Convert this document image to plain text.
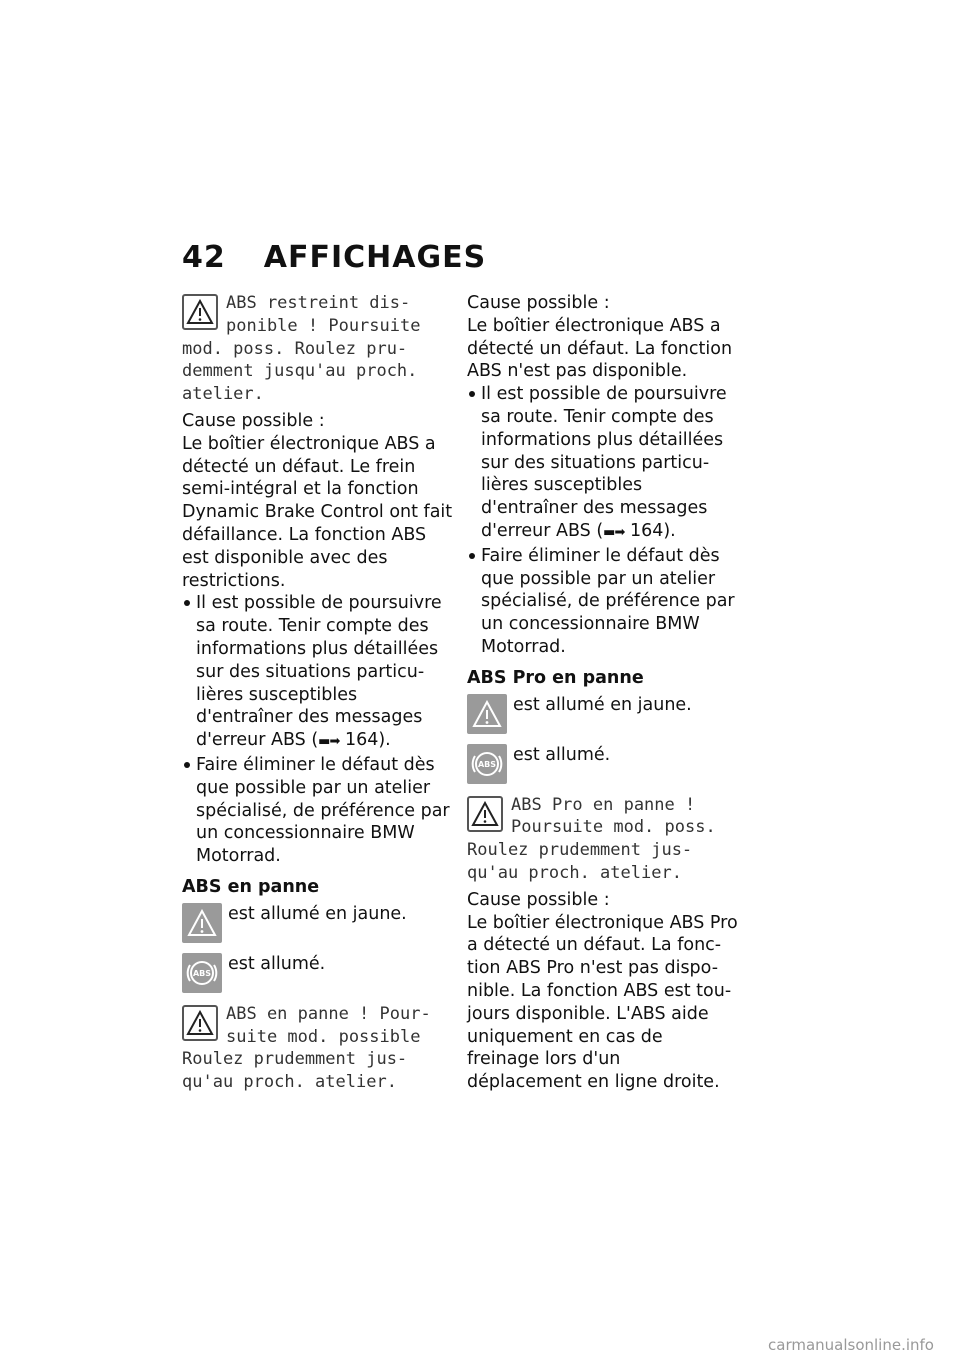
42 AFFICHAGES
ABS restreint dis-
ponible ! Poursuite
mod. poss. Roulez pru-
demment jusqu'au proch.
atelier.

Cause possible :

Le boîtier électronique ABS a détecté un défaut. Le frein semi-intégral et la fonction Dynamic Brake Control ont fait défaillance. La fonction ABS est disponible avec des restrictions.

Il est possible de poursuivre sa route. Tenir compte des informations plus détaillées sur des situations particu-lières susceptibles d'entraîner des messages d'erreur ABS (▬➡ 164).
Faire éliminer le défaut dès que possible par un atelier spécialisé, de préférence par un concessionnaire BMW Motorrad.
ABS en panne

est allumé en jaune.

ABS est allumé.

ABS en panne ! Pour-
suite mod. possible
Roulez prudemment jus-
qu'au proch. atelier.

Cause possible :

Le boîtier électronique ABS a détecté un défaut. La fonction ABS n'est pas disponible.

Il est possible de poursuivre sa route. Tenir compte des informations plus détaillées sur des situations particu-lières susceptibles d'entraîner des messages d'erreur ABS (▬➡ 164).
Faire éliminer le défaut dès que possible par un atelier spécialisé, de préférence par un concessionnaire BMW Motorrad.
ABS Pro en panne

est allumé en jaune.

ABS est allumé.

ABS Pro en panne !
Poursuite mod. poss.
Roulez prudemment jus-
qu'au proch. atelier.

Cause possible :

Le boîtier électronique ABS Pro a détecté un défaut. La fonc-tion ABS Pro n'est pas dispo-nible. La fonction ABS est tou-jours disponible. L'ABS aide uniquement en cas de freinage lors d'un déplacement en ligne droite.

carmanualsonline.info
